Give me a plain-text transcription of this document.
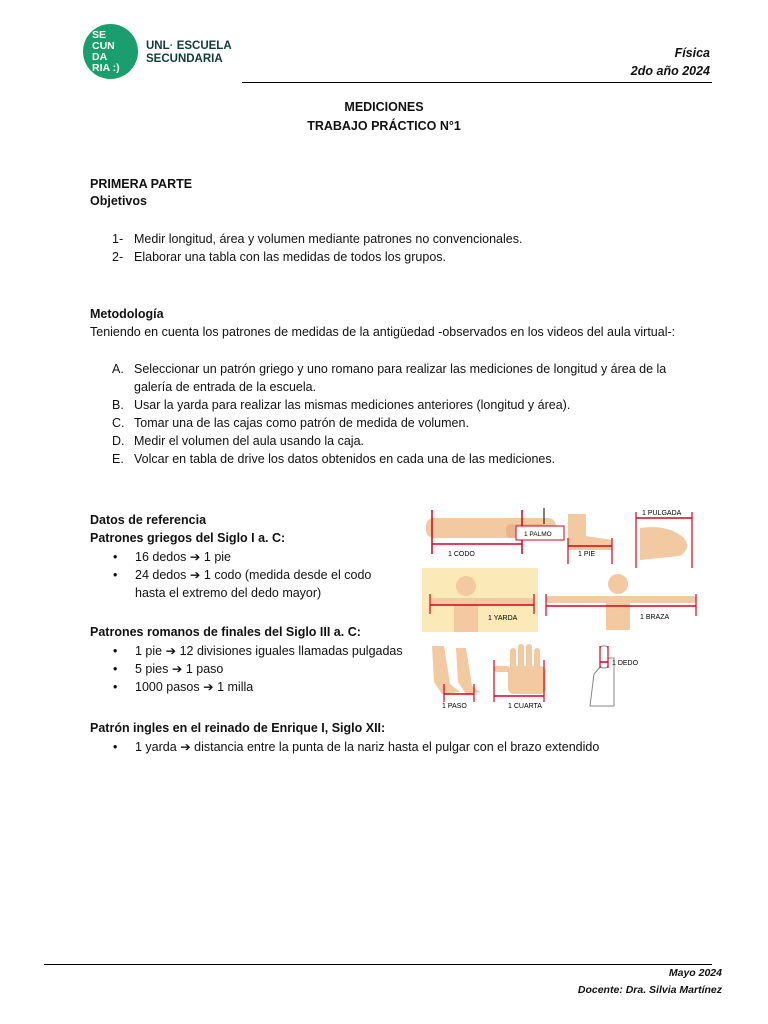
SE
CUN
DA
RIA :)
UNL· ESCUELA
SECUNDARIA	Física
2do año 2024
MEDICIONES
TRABAJO PRÁCTICO N°1
PRIMERA PARTE
Objetivos
1- Medir longitud, área y volumen mediante patrones no convencionales.
2- Elaborar una tabla con las medidas de todos los grupos.
Metodología
Teniendo en cuenta los patrones de medidas de la antigüedad -observados en los videos del aula virtual-:
A. Seleccionar un patrón griego y uno romano para realizar las mediciones de longitud y área de la galería de entrada de la escuela.
B. Usar la yarda para realizar las mismas mediciones anteriores (longitud y área).
C. Tomar una de las cajas como patrón de medida de volumen.
D. Medir el volumen del aula usando la caja.
E. Volcar en tabla de drive los datos obtenidos en cada una de las mediciones.
Datos de referencia
Patrones griegos del Siglo I a. C:
•	16 dedos ➔ 1 pie
•	24 dedos ➔ 1 codo (medida desde el codo hasta el extremo del dedo mayor)
Patrones romanos de finales del Siglo III a. C:
•	1 pie ➔ 12 divisiones iguales llamadas pulgadas
•	5 pies ➔ 1 paso
•	1000 pasos ➔ 1 milla
Patrón ingles en el reinado de Enrique I, Siglo XII:
•	1 yarda ➔ distancia entre la punta de la nariz hasta el pulgar con el brazo extendido
1 CODO
1 PALMO
1 PIE
1 PULGADA
1 YARDA	1 BRAZA
1 PASO	1 CUARTA
1 DEDO
Mayo 2024
Docente: Dra. Silvia Martínez
